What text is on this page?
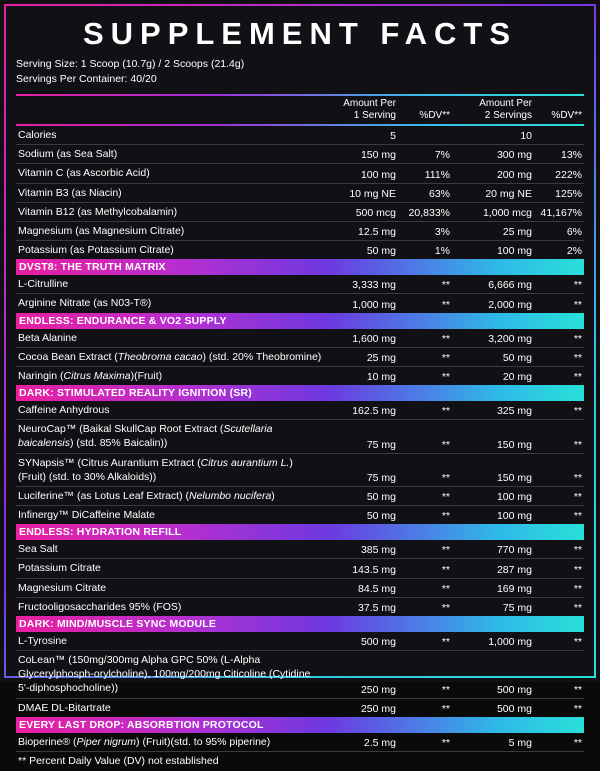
SUPPLEMENT FACTS
Serving Size: 1 Scoop (10.7g) / 2 Scoops (21.4g)
Servings Per Container: 40/20

Amount Per
1 Serving	%DV**

Amount Per
2 Servings	%DV**

Calories	5		10	
Sodium (as Sea Salt)	150 mg	7%	300 mg	13%
Vitamin C (as Ascorbic Acid)	100 mg	111%	200 mg	222%
Vitamin B3 (as Niacin)	10 mg NE	63%	20 mg NE	125%
Vitamin B12 (as Methylcobalamin)	500 mcg	20,833%	1,000 mcg	41,167%
Magnesium (as Magnesium Citrate)	12.5 mg	3%	25 mg	6%
Potassium (as Potassium Citrate)	50 mg	1%	100 mg	2%
DVST8: THE TRUTH MATRIX				
L-Citrulline	3,333 mg	**	6,666 mg	**
Arginine Nitrate (as N03-T®)	1,000 mg	**	2,000 mg	**
ENDLESS: ENDURANCE & VO2 SUPPLY				
Beta Alanine	1,600 mg	**	3,200 mg	**
Cocoa Bean Extract (Theobroma cacao) (std. 20% Theobromine)	25 mg	**	50 mg	**
Naringin (Citrus Maxima)(Fruit)	10 mg	**	20 mg	**
DARK: STIMULATED REALITY IGNITION (SR)				
Caffeine Anhydrous	162.5 mg	**	325 mg	**
NeuroCap™ (Baikal SkullCap Root Extract (Scutellaria baicalensis) (std. 85% Baicalin))	75 mg	**	150 mg	**
SYNapsis™ (Citrus Aurantium Extract (Citrus aurantium L.) (Fruit) (std. to 30% Alkaloids))	75 mg	**	150 mg	**
Luciferine™ (as Lotus Leaf Extract) (Nelumbo nucifera)	50 mg	**	100 mg	**
Infinergy™ DiCaffeine Malate	50 mg	**	100 mg	**
ENDLESS: HYDRATION REFILL				
Sea Salt	385 mg	**	770 mg	**
Potassium Citrate	143.5 mg	**	287 mg	**
Magnesium Citrate	84.5 mg	**	169 mg	**
Fructooligosaccharides 95% (FOS)	37.5 mg	**	75 mg	**
DARK: MIND/MUSCLE SYNC MODULE				
L-Tyrosine	500 mg	**	1,000 mg	**
CoLean™ (150mg/300mg Alpha GPC 50% (L-Alpha Glycerylphosph-orylcholine), 100mg/200mg Citicoline (Cytidine 5'-diphosphocholine))	250 mg	**	500 mg	**
DMAE DL-Bitartrate	250 mg	**	500 mg	**
EVERY LAST DROP: ABSORBTION PROTOCOL				
Bioperine® (Piper nigrum) (Fruit)(std. to 95% piperine)	2.5 mg	**	5 mg	**
** Percent Daily Value (DV) not established
